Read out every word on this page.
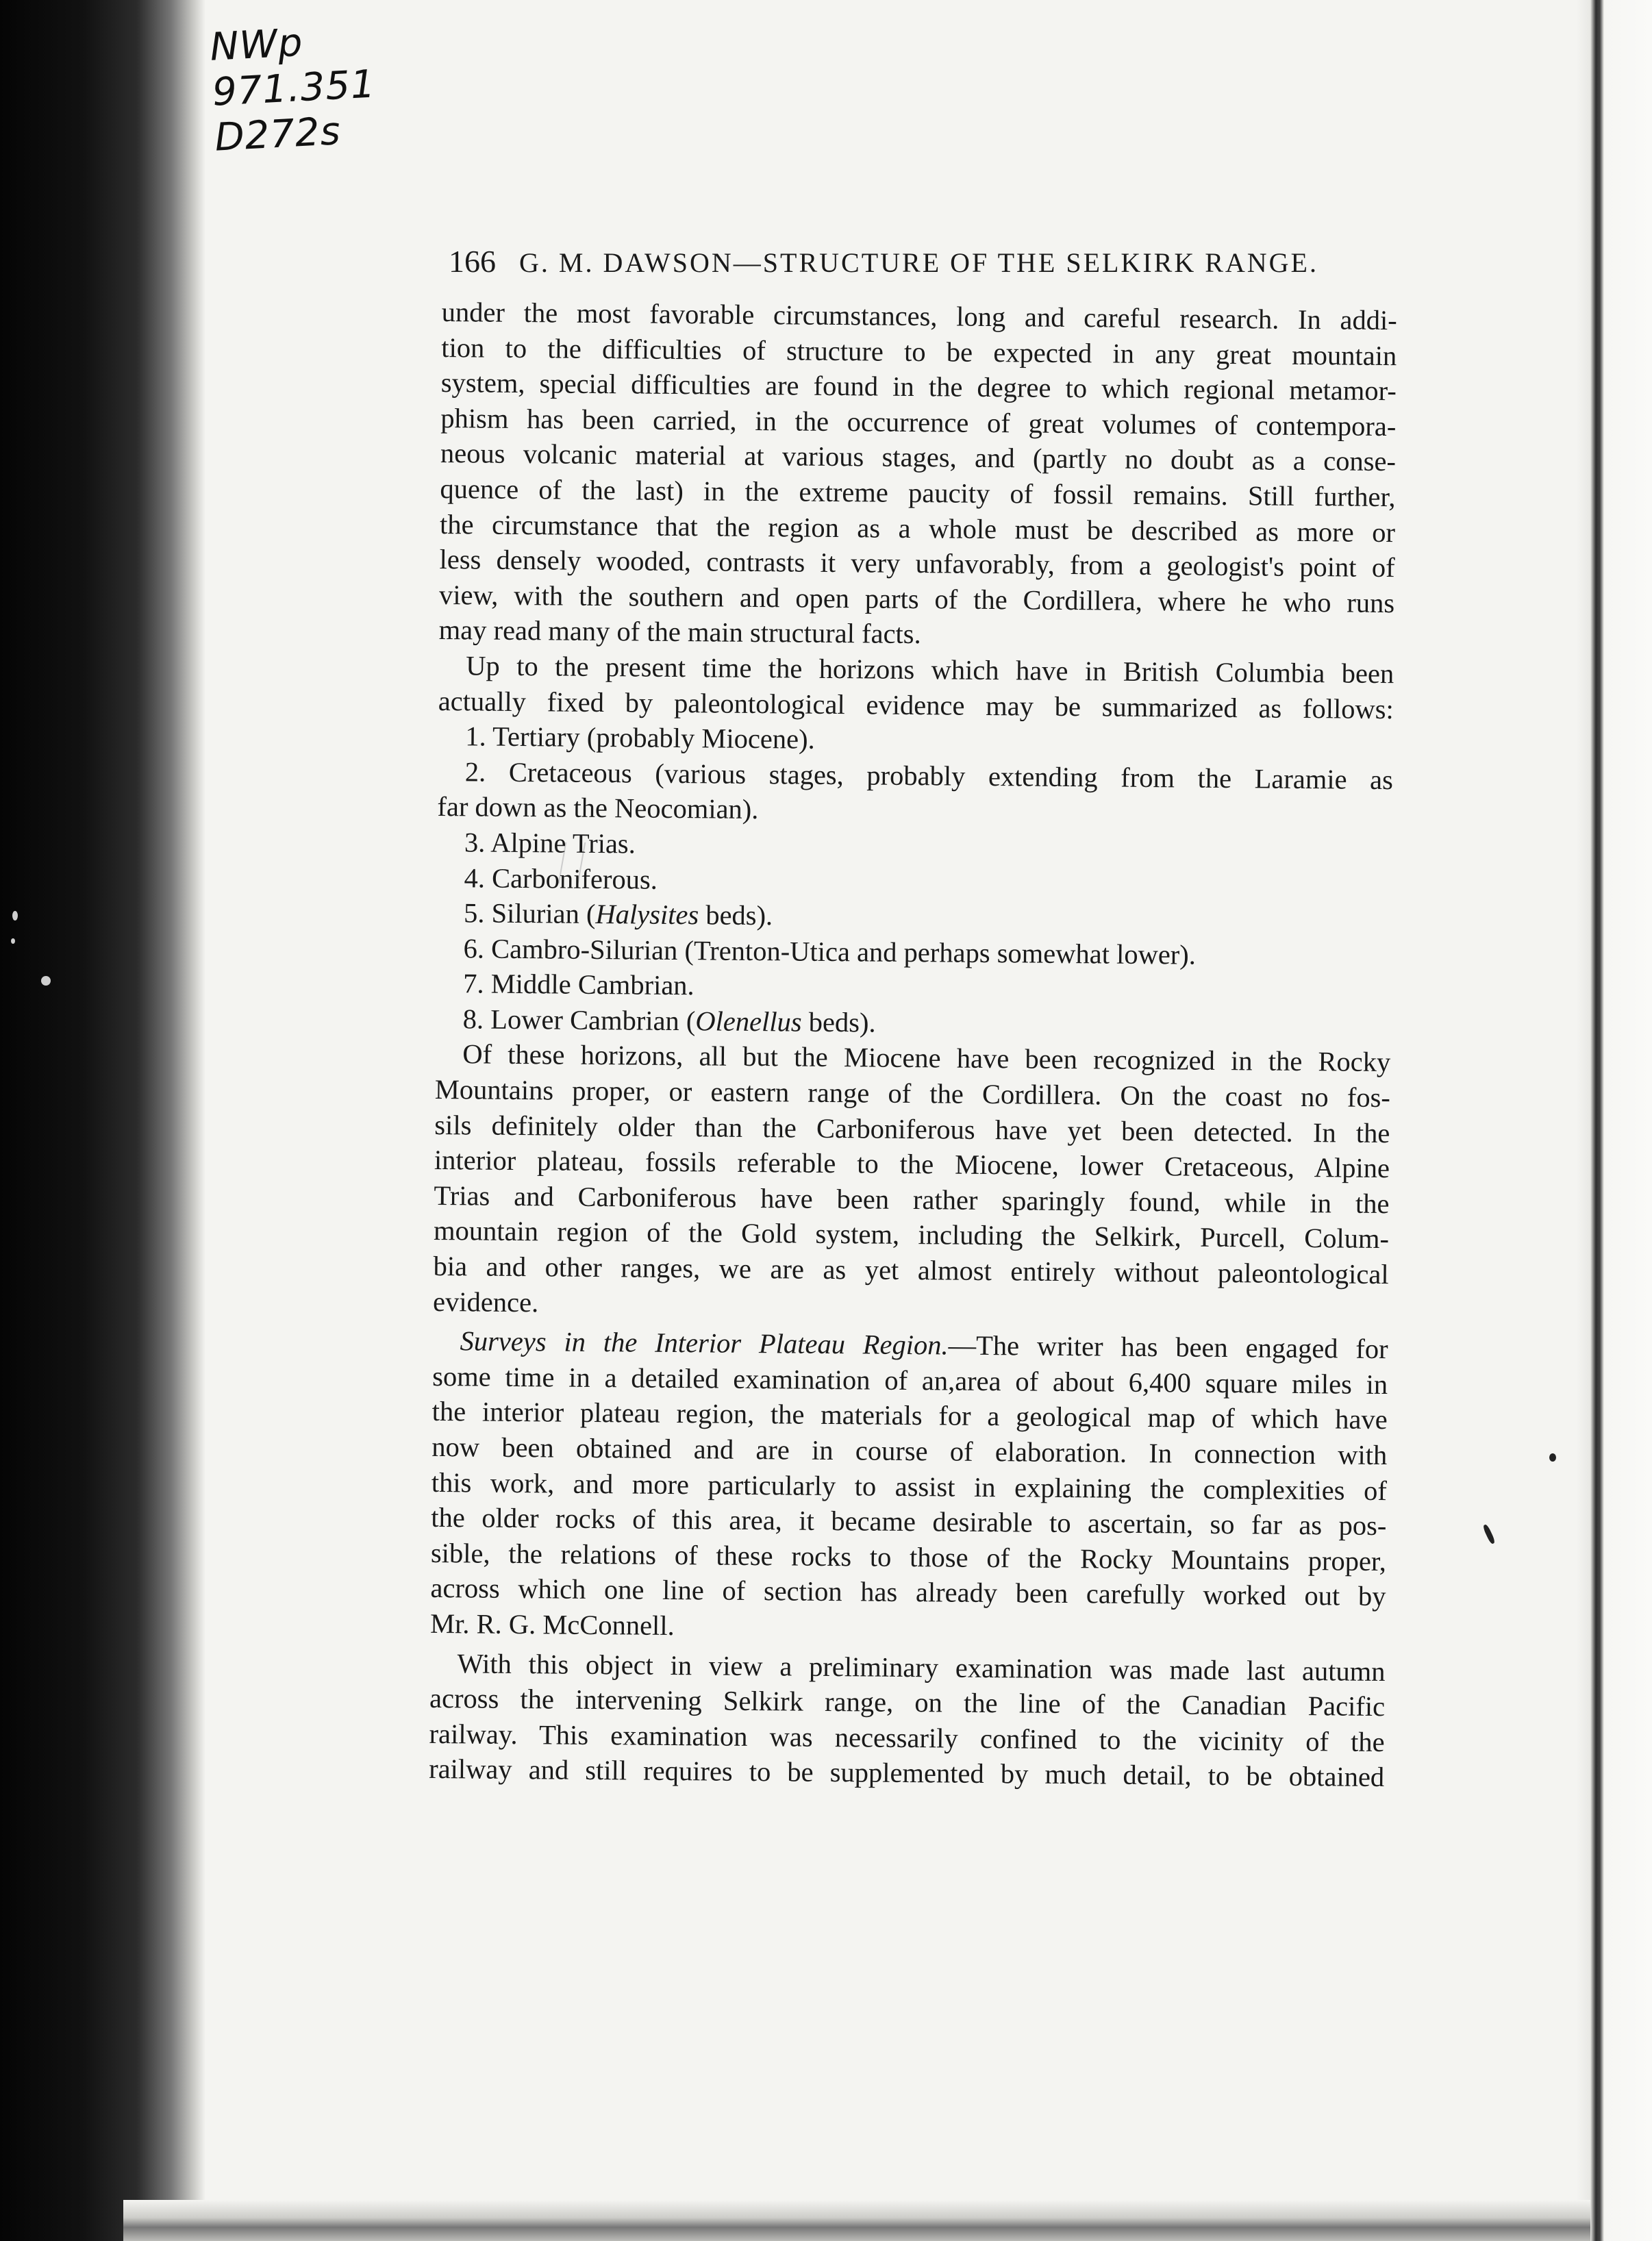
NWp
971.351
D272s
166 G. M. DAWSON—STRUCTURE OF THE SELKIRK RANGE.
under the most favorable circumstances, long and careful research. In addi-
tion to the difficulties of structure to be expected in any great mountain
system, special difficulties are found in the degree to which regional metamor-
phism has been carried, in the occurrence of great volumes of contempora-
neous volcanic material at various stages, and (partly no doubt as a conse-
quence of the last) in the extreme paucity of fossil remains. Still further,
the circumstance that the region as a whole must be described as more or
less densely wooded, contrasts it very unfavorably, from a geologist's point of
view, with the southern and open parts of the Cordillera, where he who runs
may read many of the main structural facts.
Up to the present time the horizons which have in British Columbia been
actually fixed by paleontological evidence may be summarized as follows:
1. Tertiary (probably Miocene).
2. Cretaceous (various stages, probably extending from the Laramie as
far down as the Neocomian).
3. Alpine Trias.
4. Carboniferous.
5. Silurian (Halysites beds).
6. Cambro-Silurian (Trenton-Utica and perhaps somewhat lower).
7. Middle Cambrian.
8. Lower Cambrian (Olenellus beds).
Of these horizons, all but the Miocene have been recognized in the Rocky
Mountains proper, or eastern range of the Cordillera. On the coast no fos-
sils definitely older than the Carboniferous have yet been detected. In the
interior plateau, fossils referable to the Miocene, lower Cretaceous, Alpine
Trias and Carboniferous have been rather sparingly found, while in the
mountain region of the Gold system, including the Selkirk, Purcell, Colum-
bia and other ranges, we are as yet almost entirely without paleontological
evidence.
Surveys in the Interior Plateau Region.—The writer has been engaged for
some time in a detailed examination of an,area of about 6,400 square miles in
the interior plateau region, the materials for a geological map of which have
now been obtained and are in course of elaboration. In connection with
this work, and more particularly to assist in explaining the complexities of
the older rocks of this area, it became desirable to ascertain, so far as pos-
sible, the relations of these rocks to those of the Rocky Mountains proper,
across which one line of section has already been carefully worked out by
Mr. R. G. McConnell.
With this object in view a preliminary examination was made last autumn
across the intervening Selkirk range, on the line of the Canadian Pacific
railway. This examination was necessarily confined to the vicinity of the
railway and still requires to be supplemented by much detail, to be obtained
